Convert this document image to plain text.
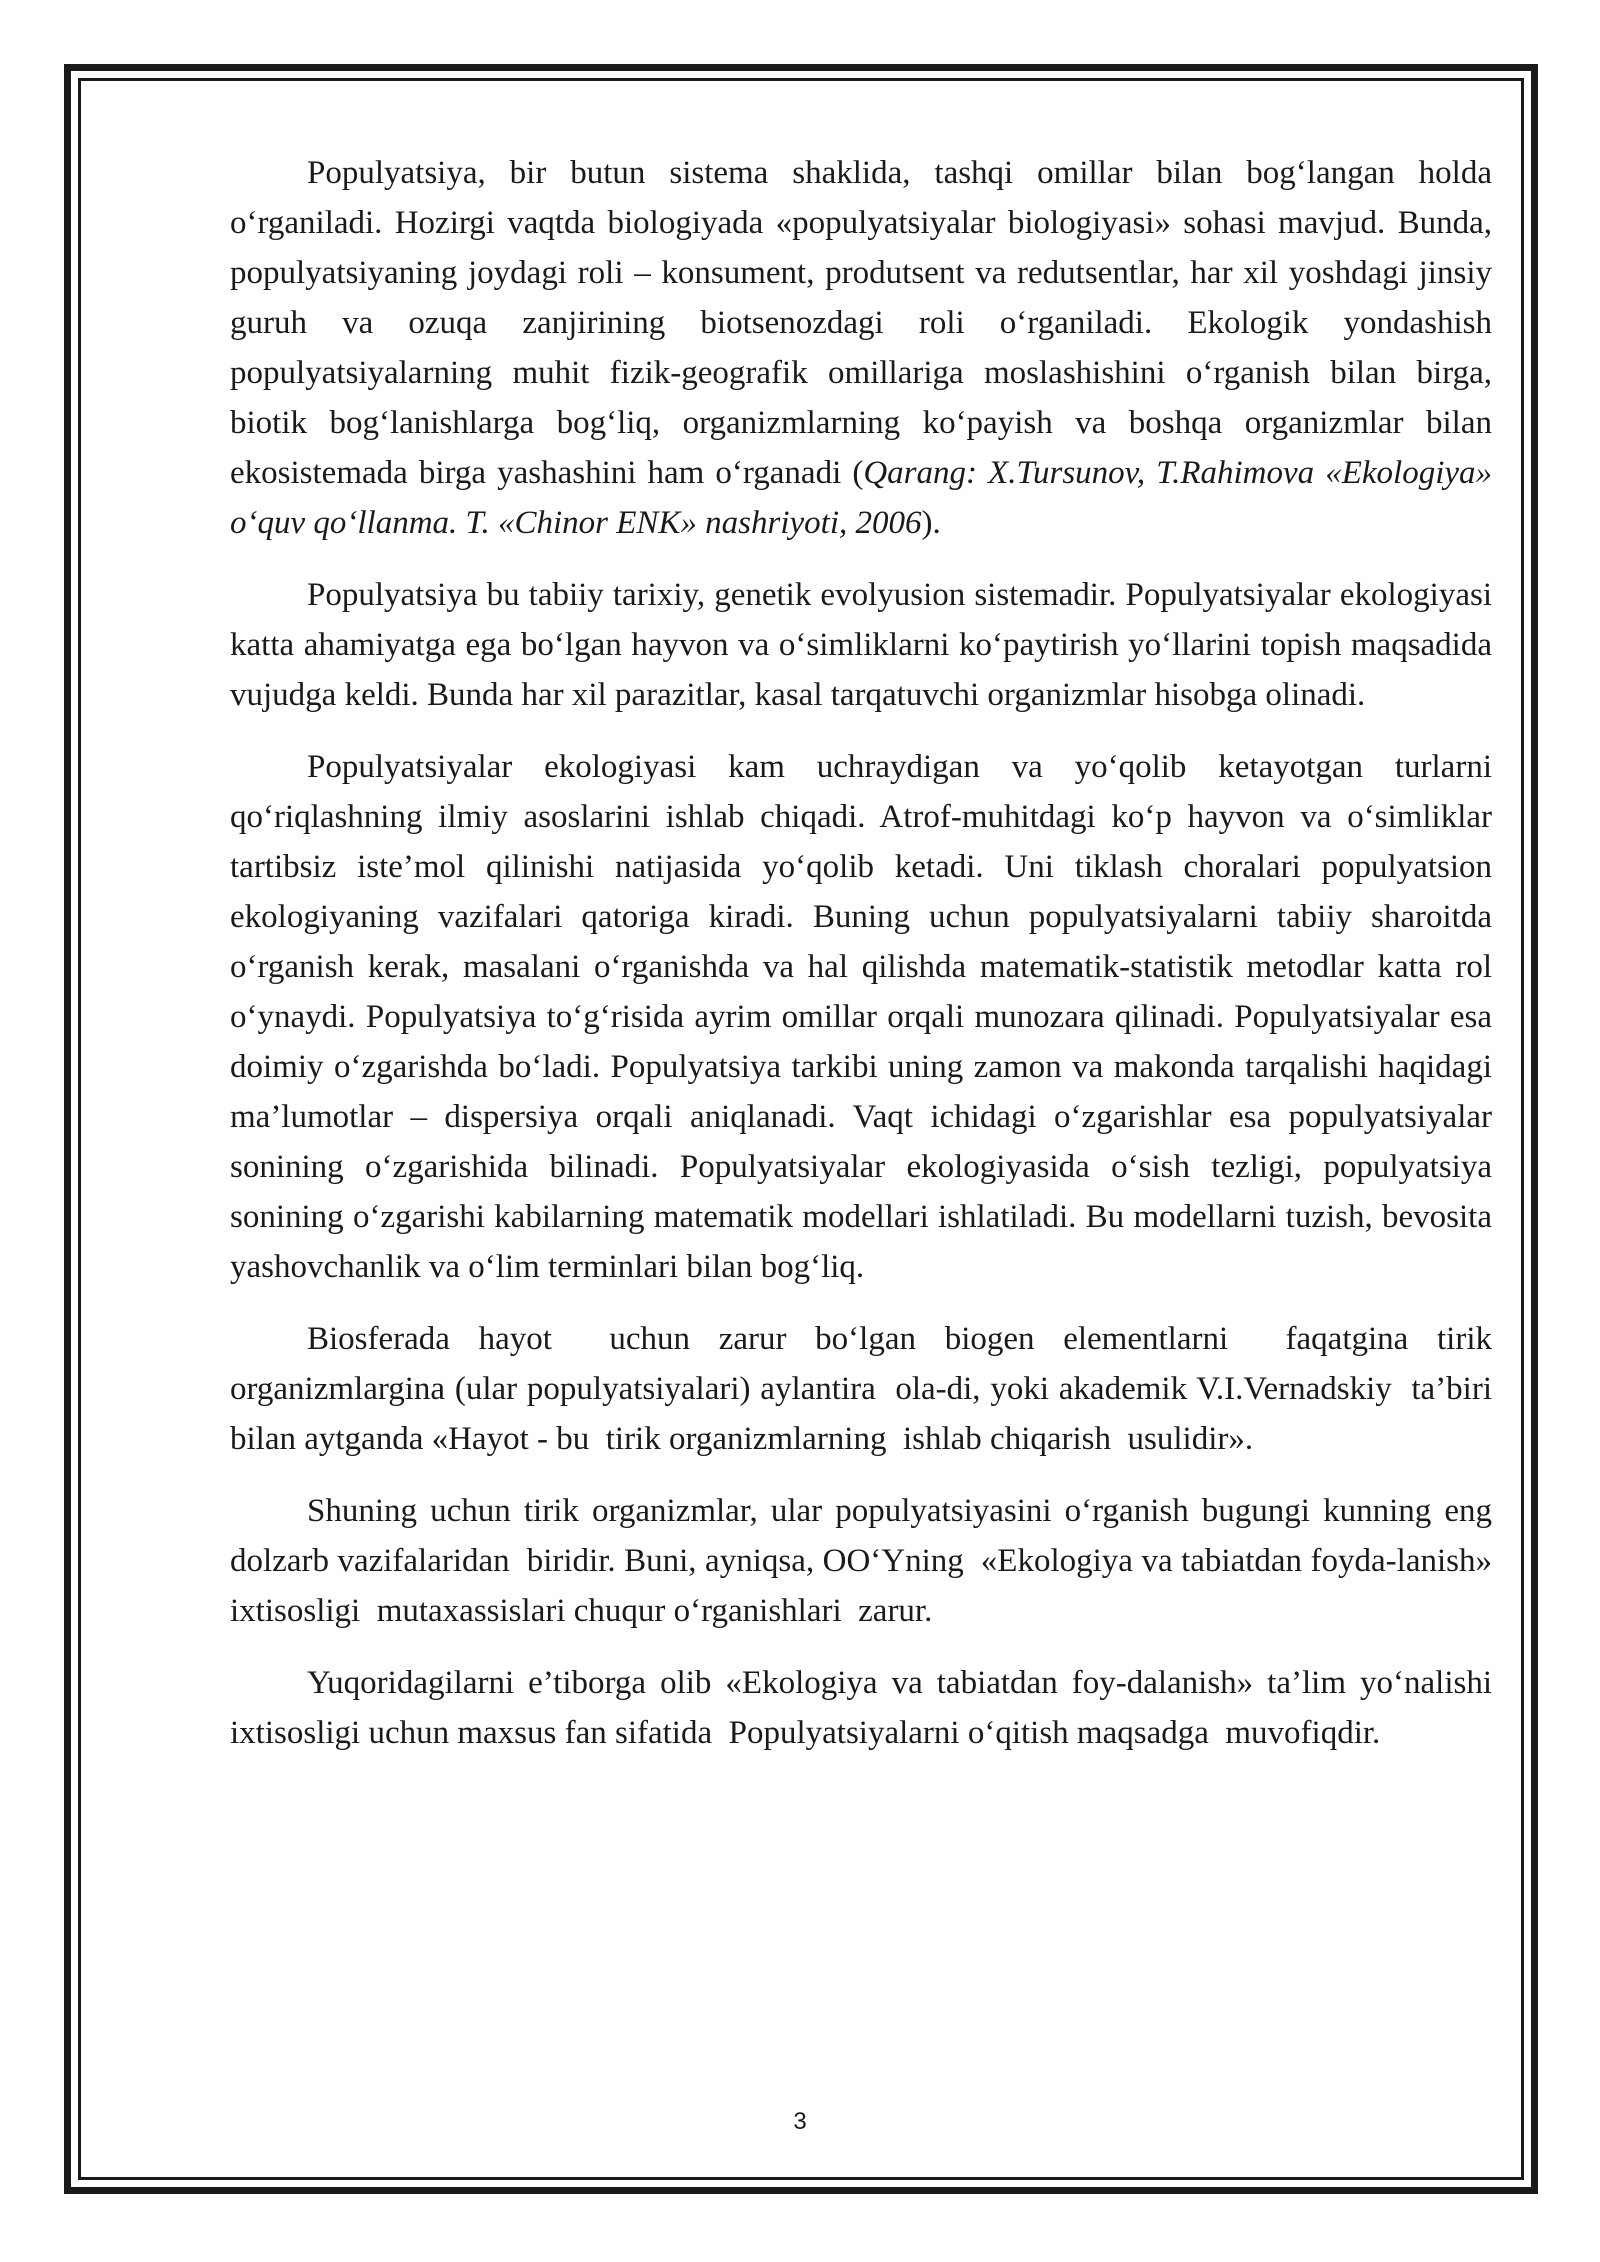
Populyatsiya, bir butun sistema shaklida, tashqi omillar bilan bog‘langan holda o‘rganiladi. Hozirgi vaqtda biologiyada «populyatsiyalar biologiyasi» sohasi mavjud. Bunda, populyatsiyaning joydagi roli – konsument, produtsent va redutsentlar, har xil yoshdagi jinsiy guruh va ozuqa zanjirining biotsenozdagi roli o‘rganiladi. Ekologik yondashish populyatsiyalarning muhit fizik-geografik omillariga moslashishini o‘rganish bilan birga, biotik bog‘lanishlarga bog‘liq, organizmlarning ko‘payish va boshqa organizmlar bilan ekosistemada birga yashashini ham o‘rganadi (Qarang: X.Tursunov, T.Rahimova «Ekologiya» o‘quv qo‘llanma. T. «Chinor ENK» nashriyoti, 2006).

Populyatsiya bu tabiiy tarixiy, genetik evolyusion sistemadir. Populyatsiyalar ekologiyasi katta ahamiyatga ega bo‘lgan hayvon va o‘simliklarni ko‘paytirish yo‘llarini topish maqsadida vujudga keldi. Bunda har xil parazitlar, kasal tarqatuvchi organizmlar hisobga olinadi.

Populyatsiyalar ekologiyasi kam uchraydigan va yo‘qolib ketayotgan turlarni qo‘riqlashning ilmiy asoslarini ishlab chiqadi. Atrof-muhitdagi ko‘p hayvon va o‘simliklar tartibsiz iste’mol qilinishi natijasida yo‘qolib ketadi. Uni tiklash choralari populyatsion ekologiyaning vazifalari qatoriga kiradi. Buning uchun populyatsiyalarni tabiiy sharoitda o‘rganish kerak, masalani o‘rganishda va hal qilishda matematik-statistik metodlar katta rol o‘ynaydi. Populyatsiya to‘g‘risida ayrim omillar orqali munozara qilinadi. Populyatsiyalar esa doimiy o‘zgarishda bo‘ladi. Populyatsiya tarkibi uning zamon va makonda tarqalishi haqidagi ma’lumotlar – dispersiya orqali aniqlanadi. Vaqt ichidagi o‘zgarishlar esa populyatsiyalar sonining o‘zgarishida bilinadi. Populyatsiyalar ekologiyasida o‘sish tezligi, populyatsiya sonining o‘zgarishi kabilarning matematik modellari ishlatiladi. Bu modellarni tuzish, bevosita yashovchanlik va o‘lim terminlari bilan bog‘liq.

Biosferada hayot  uchun zarur bo‘lgan biogen elementlarni  faqatgina tirik organizmlargina (ular populyatsiyalari) aylantira  ola-di, yoki akademik V.I.Vernadskiy  ta’biri bilan aytganda «Hayot - bu  tirik organizmlarning  ishlab chiqarish  usulidir».

Shuning uchun tirik organizmlar, ular populyatsiyasini o‘rganish bugungi kunning eng dolzarb vazifalaridan  biridir. Buni, ayniqsa, OO‘Yning  «Ekologiya va tabiatdan foyda-lanish» ixtisosligi  mutaxassislari chuqur o‘rganishlari  zarur.

Yuqoridagilarni e’tiborga olib «Ekologiya va tabiatdan foy-dalanish» ta’lim yo‘nalishi ixtisosligi uchun maxsus fan sifatida  Populyatsiyalarni o‘qitish maqsadga  muvofiqdir.

3
